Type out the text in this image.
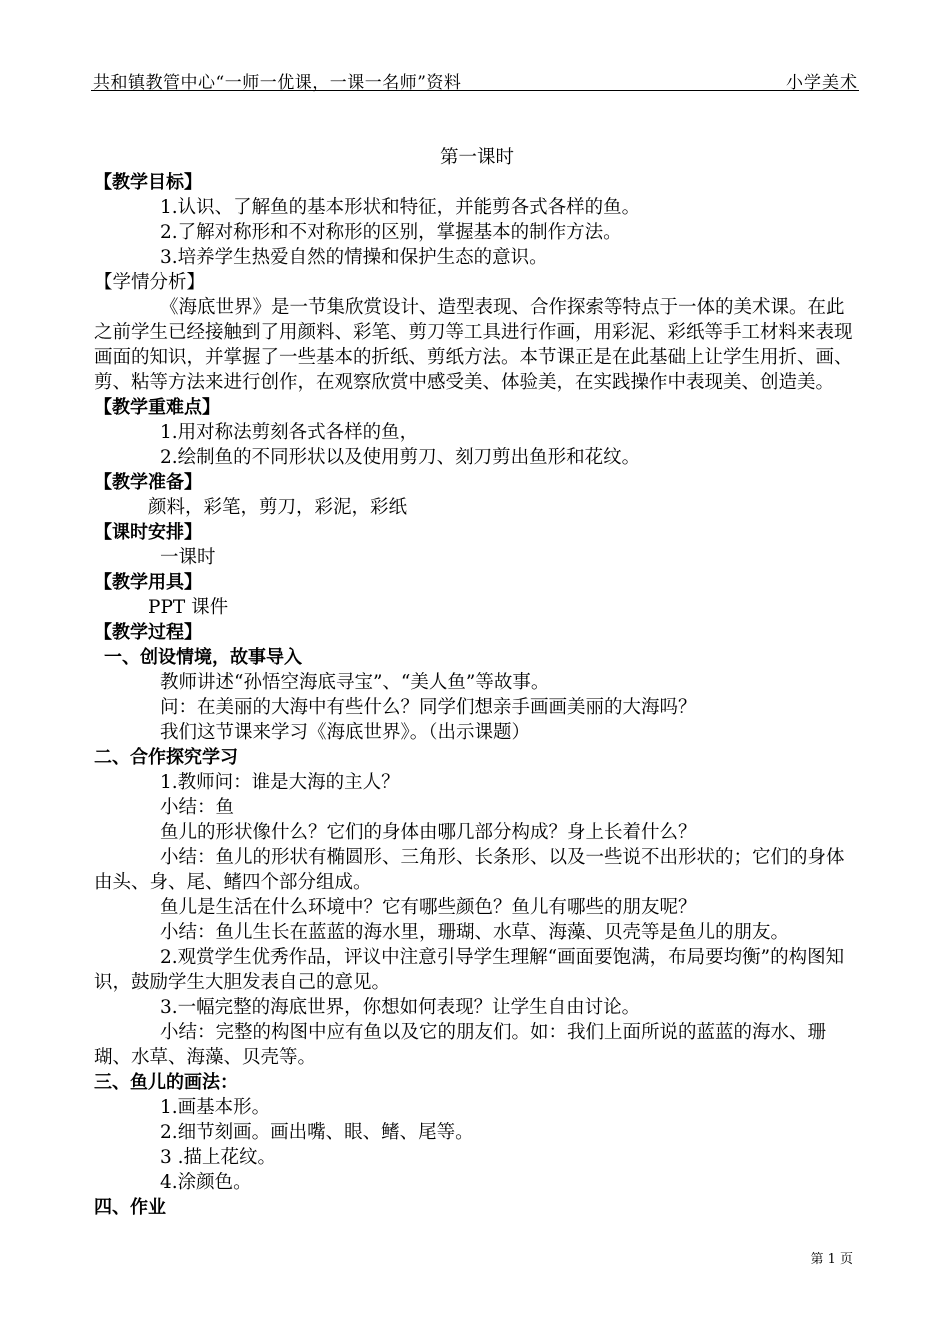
共和镇教管中心“一师一优课，一课一名师”资料	小学美术
第一课时
【教学目标】
1.认识、了解鱼的基本形状和特征，并能剪各式各样的鱼。
2.了解对称形和不对称形的区别，掌握基本的制作方法。
3.培养学生热爱自然的情操和保护生态的意识。
【学情分析】
《海底世界》是一节集欣赏设计、造型表现、合作探索等特点于一体的美术课。在此之前学生已经接触到了用颜料、彩笔、剪刀等工具进行作画，用彩泥、彩纸等手工材料来表现画面的知识，并掌握了一些基本的折纸、剪纸方法。本节课正是在此基础上让学生用折、画、剪、粘等方法来进行创作，在观察欣赏中感受美、体验美，在实践操作中表现美、创造美。
【教学重难点】
1.用对称法剪刻各式各样的鱼，
2.绘制鱼的不同形状以及使用剪刀、刻刀剪出鱼形和花纹。
【教学准备】
颜料，彩笔，剪刀，彩泥，彩纸
【课时安排】
一课时
【教学用具】
PPT 课件
【教学过程】
一、创设情境，故事导入
教师讲述“孙悟空海底寻宝”、“美人鱼”等故事。
问：在美丽的大海中有些什么？同学们想亲手画画美丽的大海吗？
我们这节课来学习《海底世界》。（出示课题）
二、合作探究学习
1.教师问：谁是大海的主人？
小结：鱼
鱼儿的形状像什么？它们的身体由哪几部分构成？身上长着什么？
小结：鱼儿的形状有椭圆形、三角形、长条形、以及一些说不出形状的；它们的身体由头、身、尾、鳍四个部分组成。
鱼儿是生活在什么环境中？它有哪些颜色？鱼儿有哪些的朋友呢？
小结：鱼儿生长在蓝蓝的海水里，珊瑚、水草、海藻、贝壳等是鱼儿的朋友。
2.观赏学生优秀作品，评议中注意引导学生理解“画面要饱满，布局要均衡”的构图知识，鼓励学生大胆发表自己的意见。
3.一幅完整的海底世界，你想如何表现？让学生自由讨论。
小结：完整的构图中应有鱼以及它的朋友们。如：我们上面所说的蓝蓝的海水、珊瑚、水草、海藻、贝壳等。
三、鱼儿的画法：
1.画基本形。
2.细节刻画。画出嘴、眼、鳍、尾等。
3 .描上花纹。
4.涂颜色。
四、作业
第 1 页
